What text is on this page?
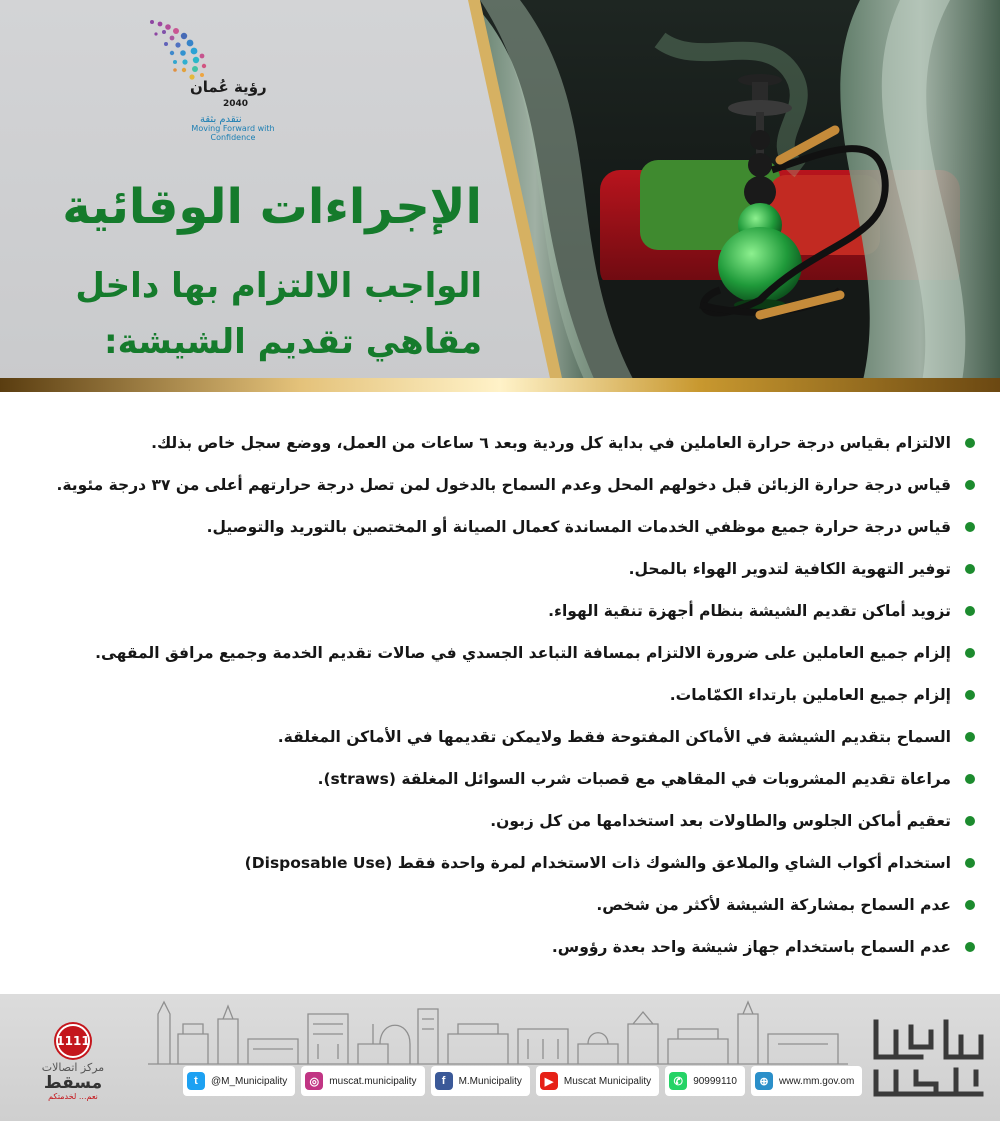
رؤية عُمان
2040
نتقدم بثقة
Moving Forward with Confidence
الإجراءات الوقائية
الواجب الالتزام بها داخل
مقاهي تقديم الشيشة:
الالتزام بقياس درجة حرارة العاملين في بداية كل وردية وبعد ٦ ساعات من العمل، ووضع سجل خاص بذلك.
قياس درجة حرارة الزبائن قبل دخولهم المحل وعدم السماح بالدخول لمن تصل درجة حرارتهم أعلى من ٣٧ درجة مئوية.
قياس درجة حرارة جميع موظفي الخدمات المساندة كعمال الصيانة أو المختصين بالتوريد والتوصيل.
توفير التهوية الكافية لتدوير الهواء بالمحل.
تزويد أماكن تقديم الشيشة بنظام أجهزة تنقية الهواء.
إلزام جميع العاملين على ضرورة الالتزام بمسافة التباعد الجسدي في صالات تقديم الخدمة وجميع مرافق المقهى.
إلزام جميع العاملين بارتداء الكمّامات.
السماح بتقديم الشيشة في الأماكن المفتوحة فقط ولايمكن تقديمها في الأماكن المغلقة.
مراعاة تقديم المشروبات في المقاهي مع قصبات شرب السوائل المغلقة (straws).
تعقيم أماكن الجلوس والطاولات بعد استخدامها من كل زبون.
استخدام أكواب الشاي والملاعق والشوك ذات الاستخدام لمرة واحدة فقط (Disposable Use)
عدم السماح بمشاركة الشيشة لأكثر من شخص.
عدم السماح باستخدام جهاز شيشة واحد بعدة رؤوس.
1111
مركز اتصالات
مسقط
نعم... لخدمتكم
t	@M_Municipality	◎	muscat.municipality	f	M.Municipality	▶	Muscat Municipality	✆	90999110	⊕	www.mm.gov.om
